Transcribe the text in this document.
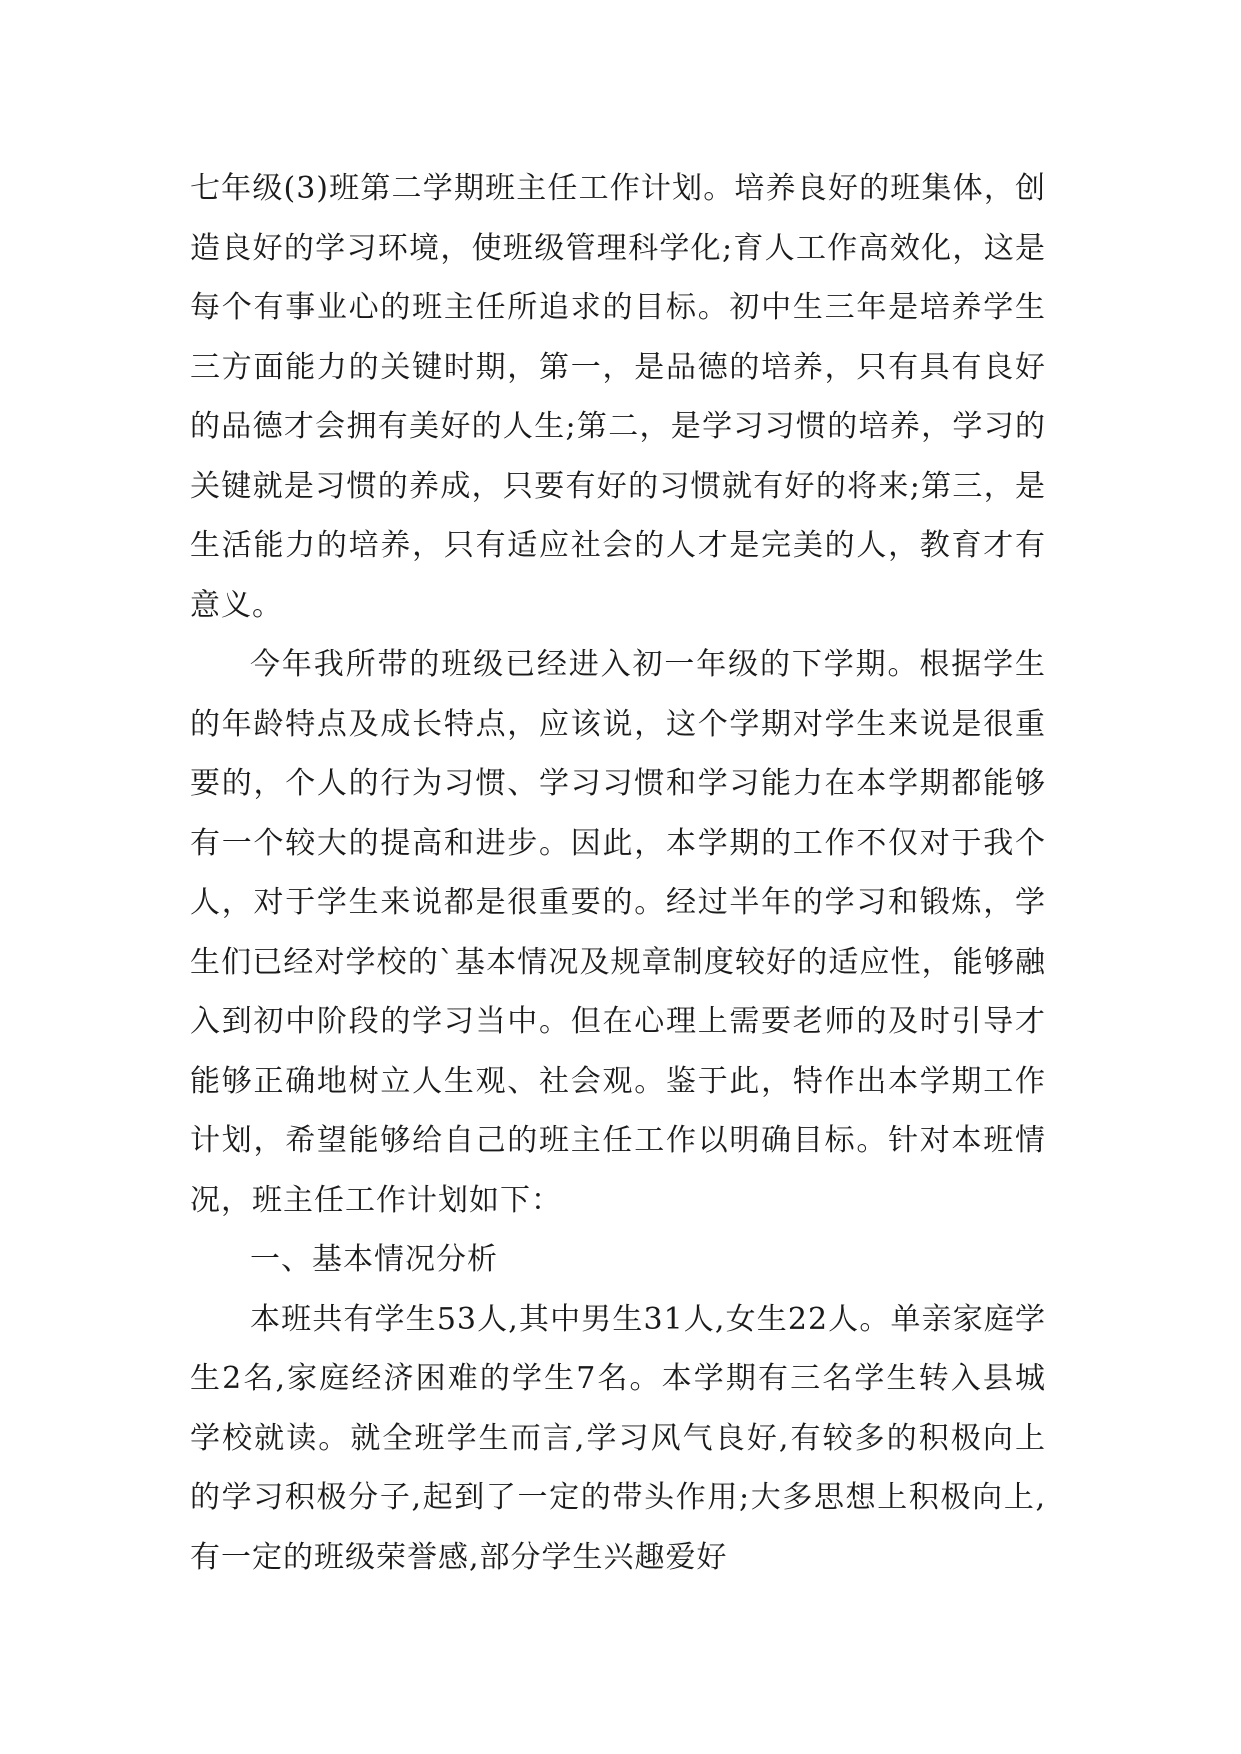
七年级(3)班第二学期班主任工作计划。培养良好的班集体，创造良好的学习环境，使班级管理科学化;育人工作高效化，这是每个有事业心的班主任所追求的目标。初中生三年是培养学生三方面能力的关键时期，第一，是品德的培养，只有具有良好的品德才会拥有美好的人生;第二，是学习习惯的培养，学习的关键就是习惯的养成，只要有好的习惯就有好的将来;第三，是生活能力的培养，只有适应社会的人才是完美的人，教育才有意义。

今年我所带的班级已经进入初一年级的下学期。根据学生的年龄特点及成长特点，应该说，这个学期对学生来说是很重要的，个人的行为习惯、学习习惯和学习能力在本学期都能够有一个较大的提高和进步。因此，本学期的工作不仅对于我个人，对于学生来说都是很重要的。经过半年的学习和锻炼，学生们已经对学校的`基本情况及规章制度较好的适应性，能够融入到初中阶段的学习当中。但在心理上需要老师的及时引导才能够正确地树立人生观、社会观。鉴于此，特作出本学期工作计划，希望能够给自己的班主任工作以明确目标。针对本班情况，班主任工作计划如下：

一、基本情况分析

本班共有学生53人,其中男生31人,女生22人。单亲家庭学生2名,家庭经济困难的学生7名。本学期有三名学生转入县城学校就读。就全班学生而言,学习风气良好,有较多的积极向上的学习积极分子,起到了一定的带头作用;大多思想上积极向上,有一定的班级荣誉感,部分学生兴趣爱好
